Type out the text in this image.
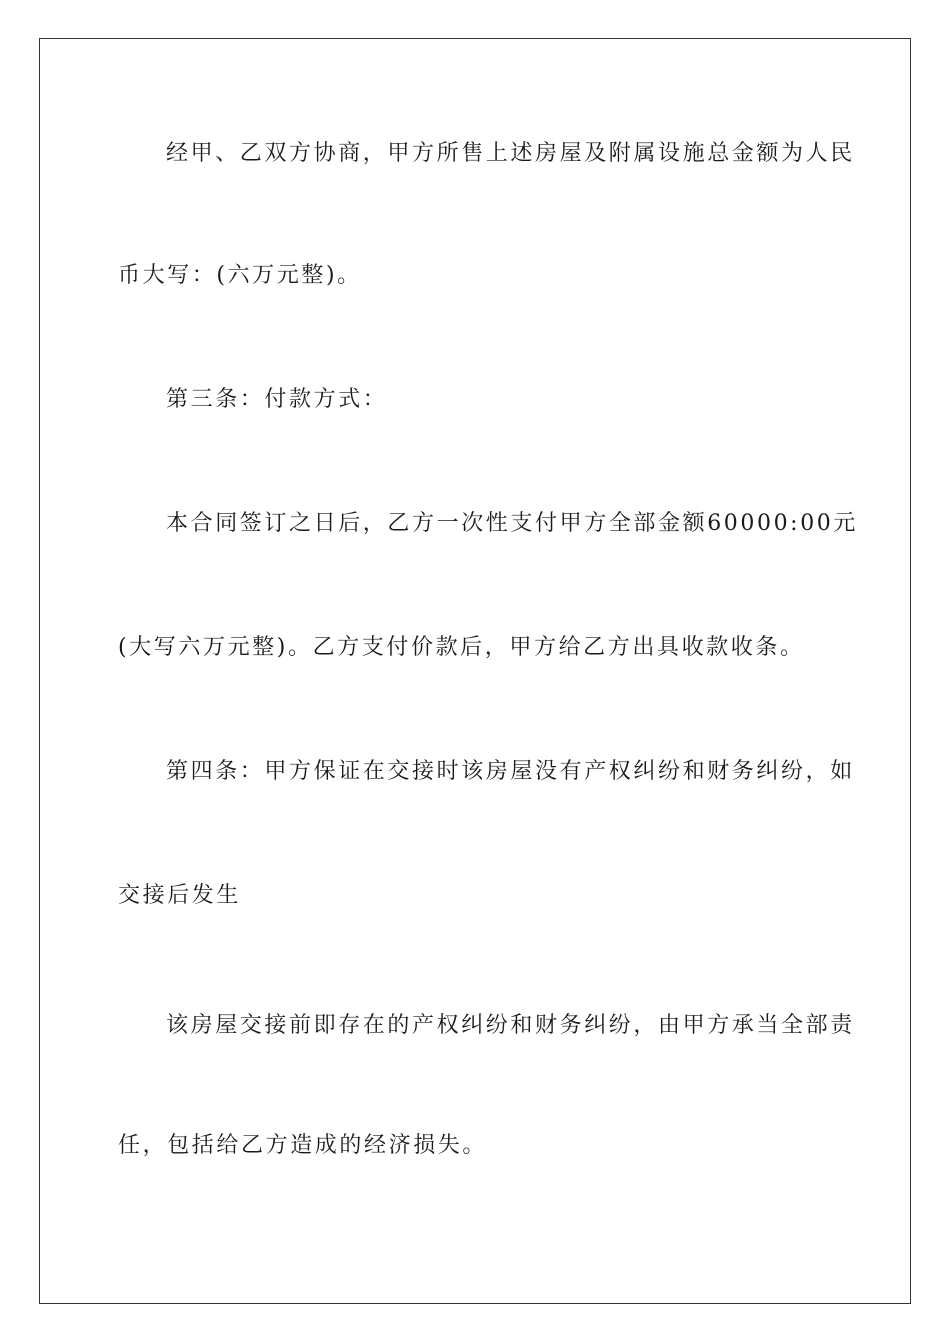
经甲、乙双方协商，甲方所售上述房屋及附属设施总金额为人民
币大写：(六万元整)。
第三条：付款方式：
本合同签订之日后，乙方一次性支付甲方全部金额60000:00元
(大写六万元整)。乙方支付价款后，甲方给乙方出具收款收条。
第四条：甲方保证在交接时该房屋没有产权纠纷和财务纠纷，如
交接后发生
该房屋交接前即存在的产权纠纷和财务纠纷，由甲方承当全部责
任，包括给乙方造成的经济损失。
